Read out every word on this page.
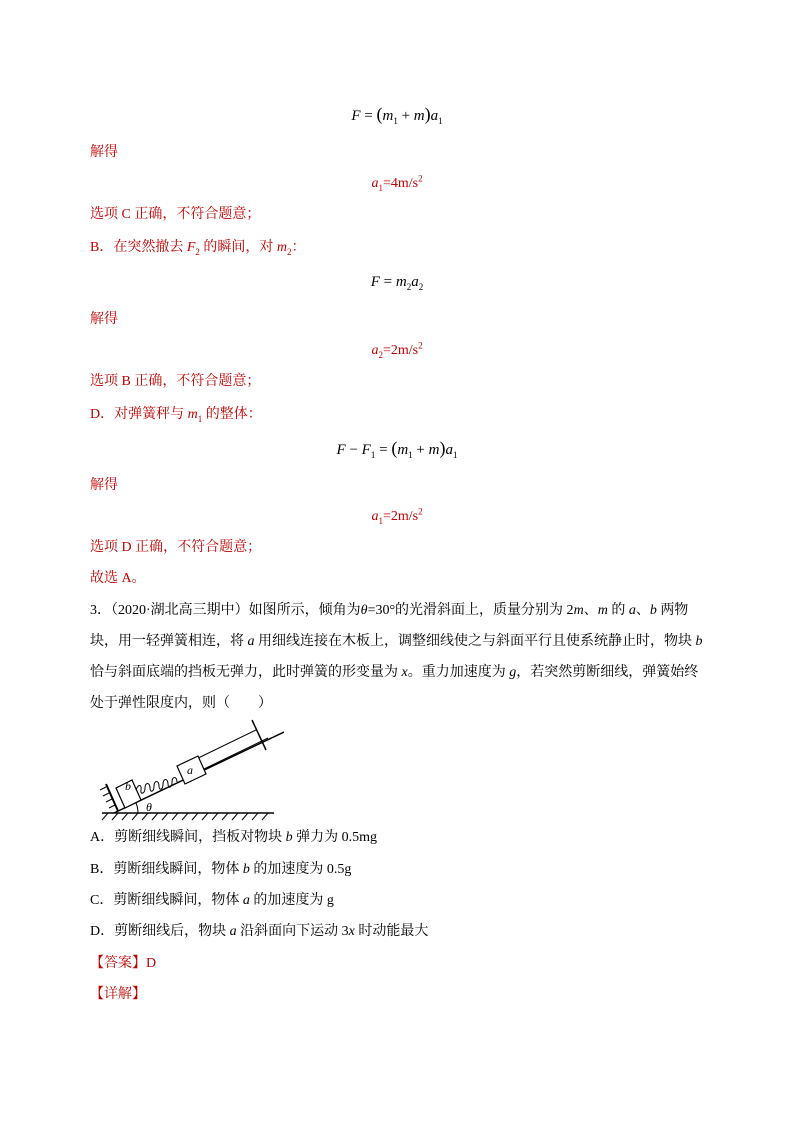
$F = (m_1 + m)a_1$
解得
$a_1=4m/s^2$
选项 C 正确，不符合题意；
B．在突然撤去 $F_2$ 的瞬间，对 $m_2$：
$F = m_2a_2$
解得
$a_2=2m/s^2$
选项 B 正确，不符合题意；
D．对弹簧秤与 $m_1$ 的整体：
$F - F_1 = (m_1 + m)a_1$
解得
$a_1=2m/s^2$
选项 D 正确，不符合题意；
故选 A。
3．（2020·湖北高三期中）如图所示，倾角为θ=30°的光滑斜面上，质量分别为 2m、m 的 a、b 两物块，用一轻弹簧相连，将 a 用细线连接在木板上，调整细线使之与斜面平行且使系统静止时，物块 b 恰与斜面底端的挡板无弹力，此时弹簧的形变量为 x。重力加速度为 g，若突然剪断细线，弹簧始终处于弹性限度内，则（　　）
b
a
θ
A．剪断细线瞬间，挡板对物块 b 弹力为 0.5mg
B．剪断细线瞬间，物体 b 的加速度为 0.5g
C．剪断细线瞬间，物体 a 的加速度为 g
D．剪断细线后，物块 a 沿斜面向下运动 3x 时动能最大
【答案】D
【详解】
